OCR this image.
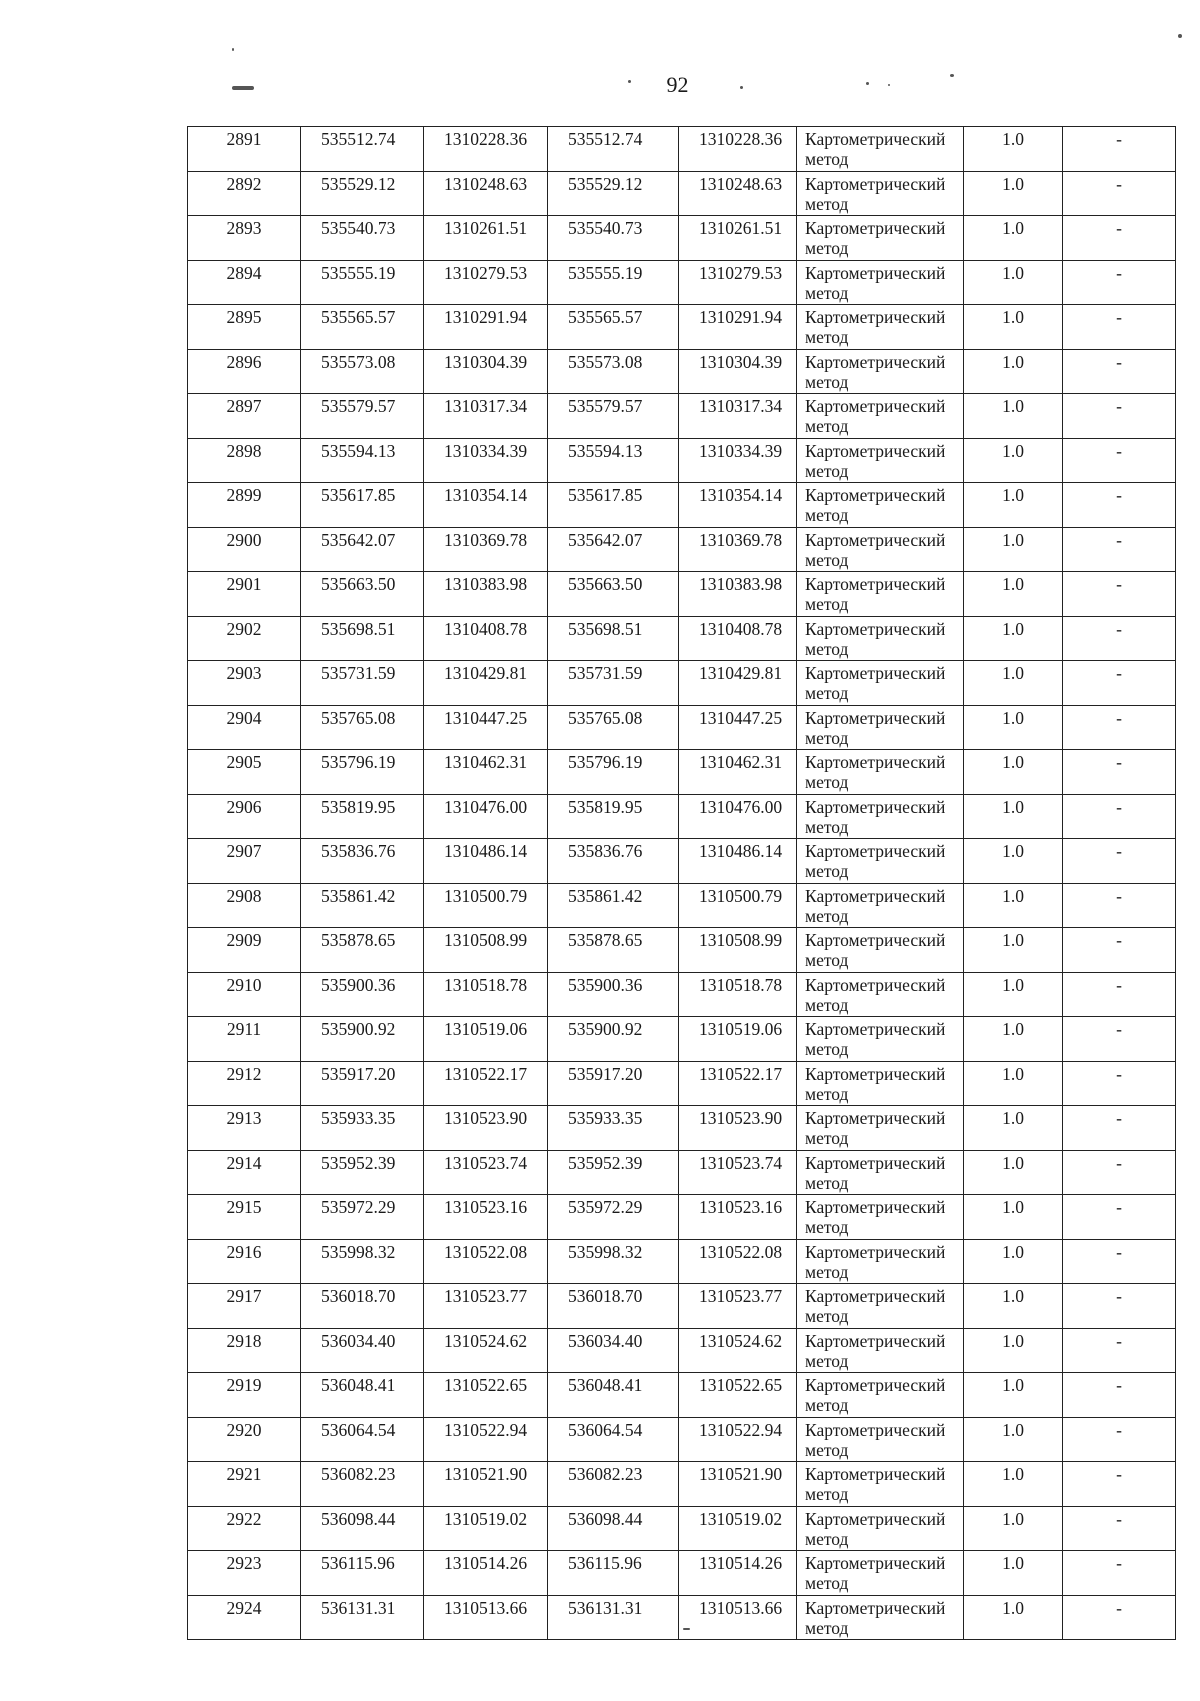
92
2891	535512.74	1310228.36	535512.74	1310228.36	Картометрический
метод	1.0	-
2892	535529.12	1310248.63	535529.12	1310248.63	Картометрический
метод	1.0	-
2893	535540.73	1310261.51	535540.73	1310261.51	Картометрический
метод	1.0	-
2894	535555.19	1310279.53	535555.19	1310279.53	Картометрический
метод	1.0	-
2895	535565.57	1310291.94	535565.57	1310291.94	Картометрический
метод	1.0	-
2896	535573.08	1310304.39	535573.08	1310304.39	Картометрический
метод	1.0	-
2897	535579.57	1310317.34	535579.57	1310317.34	Картометрический
метод	1.0	-
2898	535594.13	1310334.39	535594.13	1310334.39	Картометрический
метод	1.0	-
2899	535617.85	1310354.14	535617.85	1310354.14	Картометрический
метод	1.0	-
2900	535642.07	1310369.78	535642.07	1310369.78	Картометрический
метод	1.0	-
2901	535663.50	1310383.98	535663.50	1310383.98	Картометрический
метод	1.0	-
2902	535698.51	1310408.78	535698.51	1310408.78	Картометрический
метод	1.0	-
2903	535731.59	1310429.81	535731.59	1310429.81	Картометрический
метод	1.0	-
2904	535765.08	1310447.25	535765.08	1310447.25	Картометрический
метод	1.0	-
2905	535796.19	1310462.31	535796.19	1310462.31	Картометрический
метод	1.0	-
2906	535819.95	1310476.00	535819.95	1310476.00	Картометрический
метод	1.0	-
2907	535836.76	1310486.14	535836.76	1310486.14	Картометрический
метод	1.0	-
2908	535861.42	1310500.79	535861.42	1310500.79	Картометрический
метод	1.0	-
2909	535878.65	1310508.99	535878.65	1310508.99	Картометрический
метод	1.0	-
2910	535900.36	1310518.78	535900.36	1310518.78	Картометрический
метод	1.0	-
2911	535900.92	1310519.06	535900.92	1310519.06	Картометрический
метод	1.0	-
2912	535917.20	1310522.17	535917.20	1310522.17	Картометрический
метод	1.0	-
2913	535933.35	1310523.90	535933.35	1310523.90	Картометрический
метод	1.0	-
2914	535952.39	1310523.74	535952.39	1310523.74	Картометрический
метод	1.0	-
2915	535972.29	1310523.16	535972.29	1310523.16	Картометрический
метод	1.0	-
2916	535998.32	1310522.08	535998.32	1310522.08	Картометрический
метод	1.0	-
2917	536018.70	1310523.77	536018.70	1310523.77	Картометрический
метод	1.0	-
2918	536034.40	1310524.62	536034.40	1310524.62	Картометрический
метод	1.0	-
2919	536048.41	1310522.65	536048.41	1310522.65	Картометрический
метод	1.0	-
2920	536064.54	1310522.94	536064.54	1310522.94	Картометрический
метод	1.0	-
2921	536082.23	1310521.90	536082.23	1310521.90	Картометрический
метод	1.0	-
2922	536098.44	1310519.02	536098.44	1310519.02	Картометрический
метод	1.0	-
2923	536115.96	1310514.26	536115.96	1310514.26	Картометрический
метод	1.0	-
2924	536131.31	1310513.66	536131.31	1310513.66	Картометрический
метод	1.0	-
